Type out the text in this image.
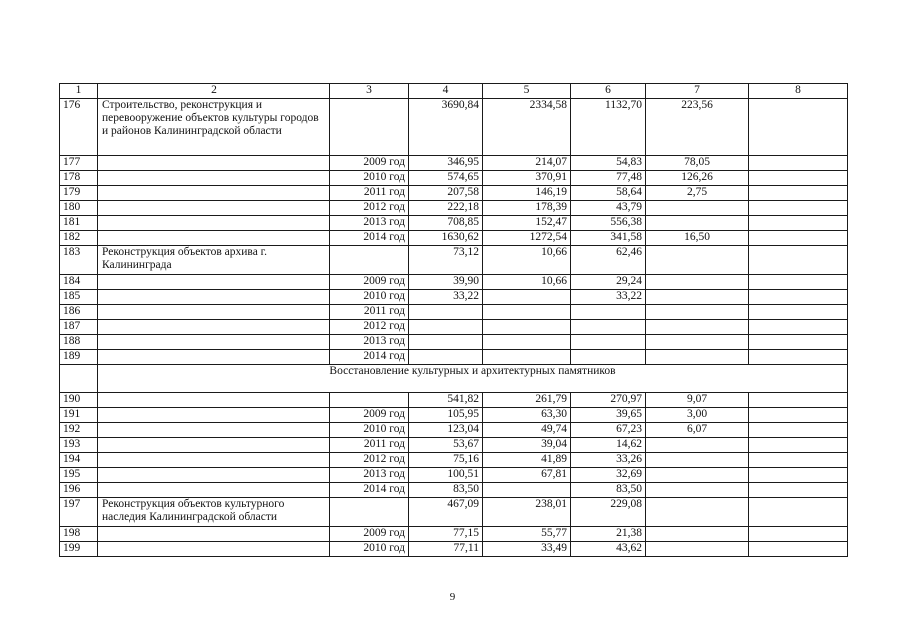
1	2	3	4	5	6	7	8
176	Строительство, реконструкция и перевооружение объектов культуры городов и районов Калининградской области		3690,84	2334,58	1132,70	223,56	
177		2009 год	346,95	214,07	54,83	78,05	
178		2010 год	574,65	370,91	77,48	126,26	
179		2011 год	207,58	146,19	58,64	2,75	
180		2012 год	222,18	178,39	43,79		
181		2013 год	708,85	152,47	556,38		
182		2014 год	1630,62	1272,54	341,58	16,50	
183	Реконструкция объектов архива г. Калининграда		73,12	10,66	62,46		
184		2009 год	39,90	10,66	29,24		
185		2010 год	33,22		33,22		
186		2011 год					
187		2012 год					
188		2013 год					
189		2014 год					
	Восстановление культурных и архитектурных памятников						
190			541,82	261,79	270,97	9,07	
191		2009 год	105,95	63,30	39,65	3,00	
192		2010 год	123,04	49,74	67,23	6,07	
193		2011 год	53,67	39,04	14,62		
194		2012 год	75,16	41,89	33,26		
195		2013 год	100,51	67,81	32,69		
196		2014 год	83,50		83,50		
197	Реконструкция объектов культурного наследия Калининградской области		467,09	238,01	229,08		
198		2009 год	77,15	55,77	21,38		
199		2010 год	77,11	33,49	43,62		
9
